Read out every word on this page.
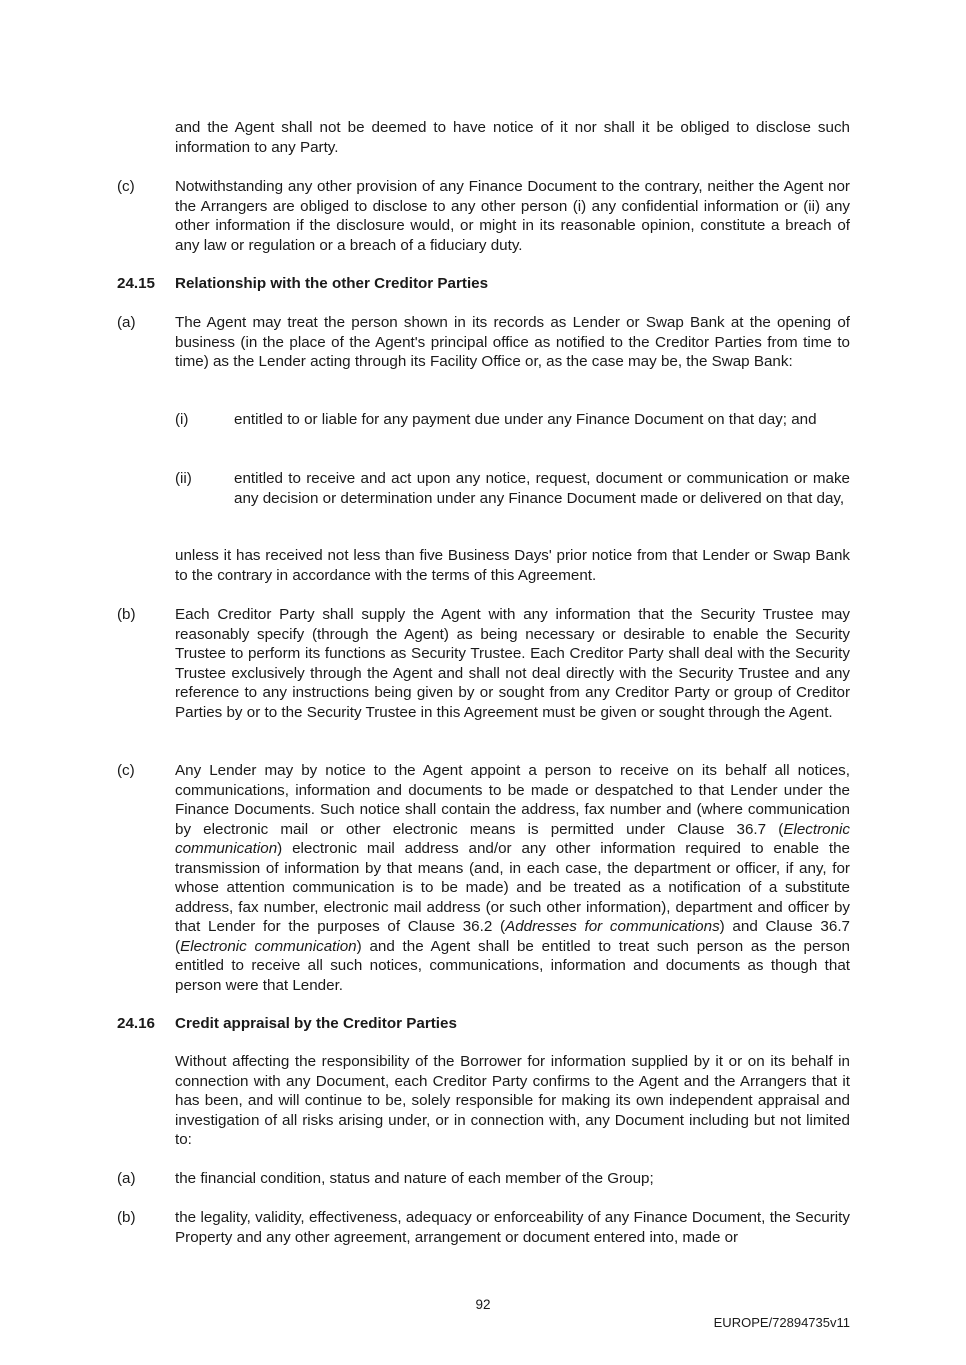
and the Agent shall not be deemed to have notice of it nor shall it be obliged to disclose such information to any Party.
(c)	Notwithstanding any other provision of any Finance Document to the contrary, neither the Agent nor the Arrangers are obliged to disclose to any other person (i) any confidential information or (ii) any other information if the disclosure would, or might in its reasonable opinion, constitute a breach of any law or regulation or a breach of a fiduciary duty.
24.15 Relationship with the other Creditor Parties
(a)	The Agent may treat the person shown in its records as Lender or Swap Bank at the opening of business (in the place of the Agent's principal office as notified to the Creditor Parties from time to time) as the Lender acting through its Facility Office or, as the case may be, the Swap Bank:
(i)	entitled to or liable for any payment due under any Finance Document on that day; and
(ii)	entitled to receive and act upon any notice, request, document or communication or make any decision or determination under any Finance Document made or delivered on that day,
unless it has received not less than five Business Days' prior notice from that Lender or Swap Bank to the contrary in accordance with the terms of this Agreement.
(b)	Each Creditor Party shall supply the Agent with any information that the Security Trustee may reasonably specify (through the Agent) as being necessary or desirable to enable the Security Trustee to perform its functions as Security Trustee. Each Creditor Party shall deal with the Security Trustee exclusively through the Agent and shall not deal directly with the Security Trustee and any reference to any instructions being given by or sought from any Creditor Party or group of Creditor Parties by or to the Security Trustee in this Agreement must be given or sought through the Agent.
(c)	Any Lender may by notice to the Agent appoint a person to receive on its behalf all notices, communications, information and documents to be made or despatched to that Lender under the Finance Documents. Such notice shall contain the address, fax number and (where communication by electronic mail or other electronic means is permitted under Clause 36.7 (Electronic communication) electronic mail address and/or any other information required to enable the transmission of information by that means (and, in each case, the department or officer, if any, for whose attention communication is to be made) and be treated as a notification of a substitute address, fax number, electronic mail address (or such other information), department and officer by that Lender for the purposes of Clause 36.2 (Addresses for communications) and Clause 36.7 (Electronic communication) and the Agent shall be entitled to treat such person as the person entitled to receive all such notices, communications, information and documents as though that person were that Lender.
24.16 Credit appraisal by the Creditor Parties
Without affecting the responsibility of the Borrower for information supplied by it or on its behalf in connection with any Document, each Creditor Party confirms to the Agent and the Arrangers that it has been, and will continue to be, solely responsible for making its own independent appraisal and investigation of all risks arising under, or in connection with, any Document including but not limited to:
(a)	the financial condition, status and nature of each member of the Group;
(b)	the legality, validity, effectiveness, adequacy or enforceability of any Finance Document, the Security Property and any other agreement, arrangement or document entered into, made or
92
EUROPE/72894735v11
